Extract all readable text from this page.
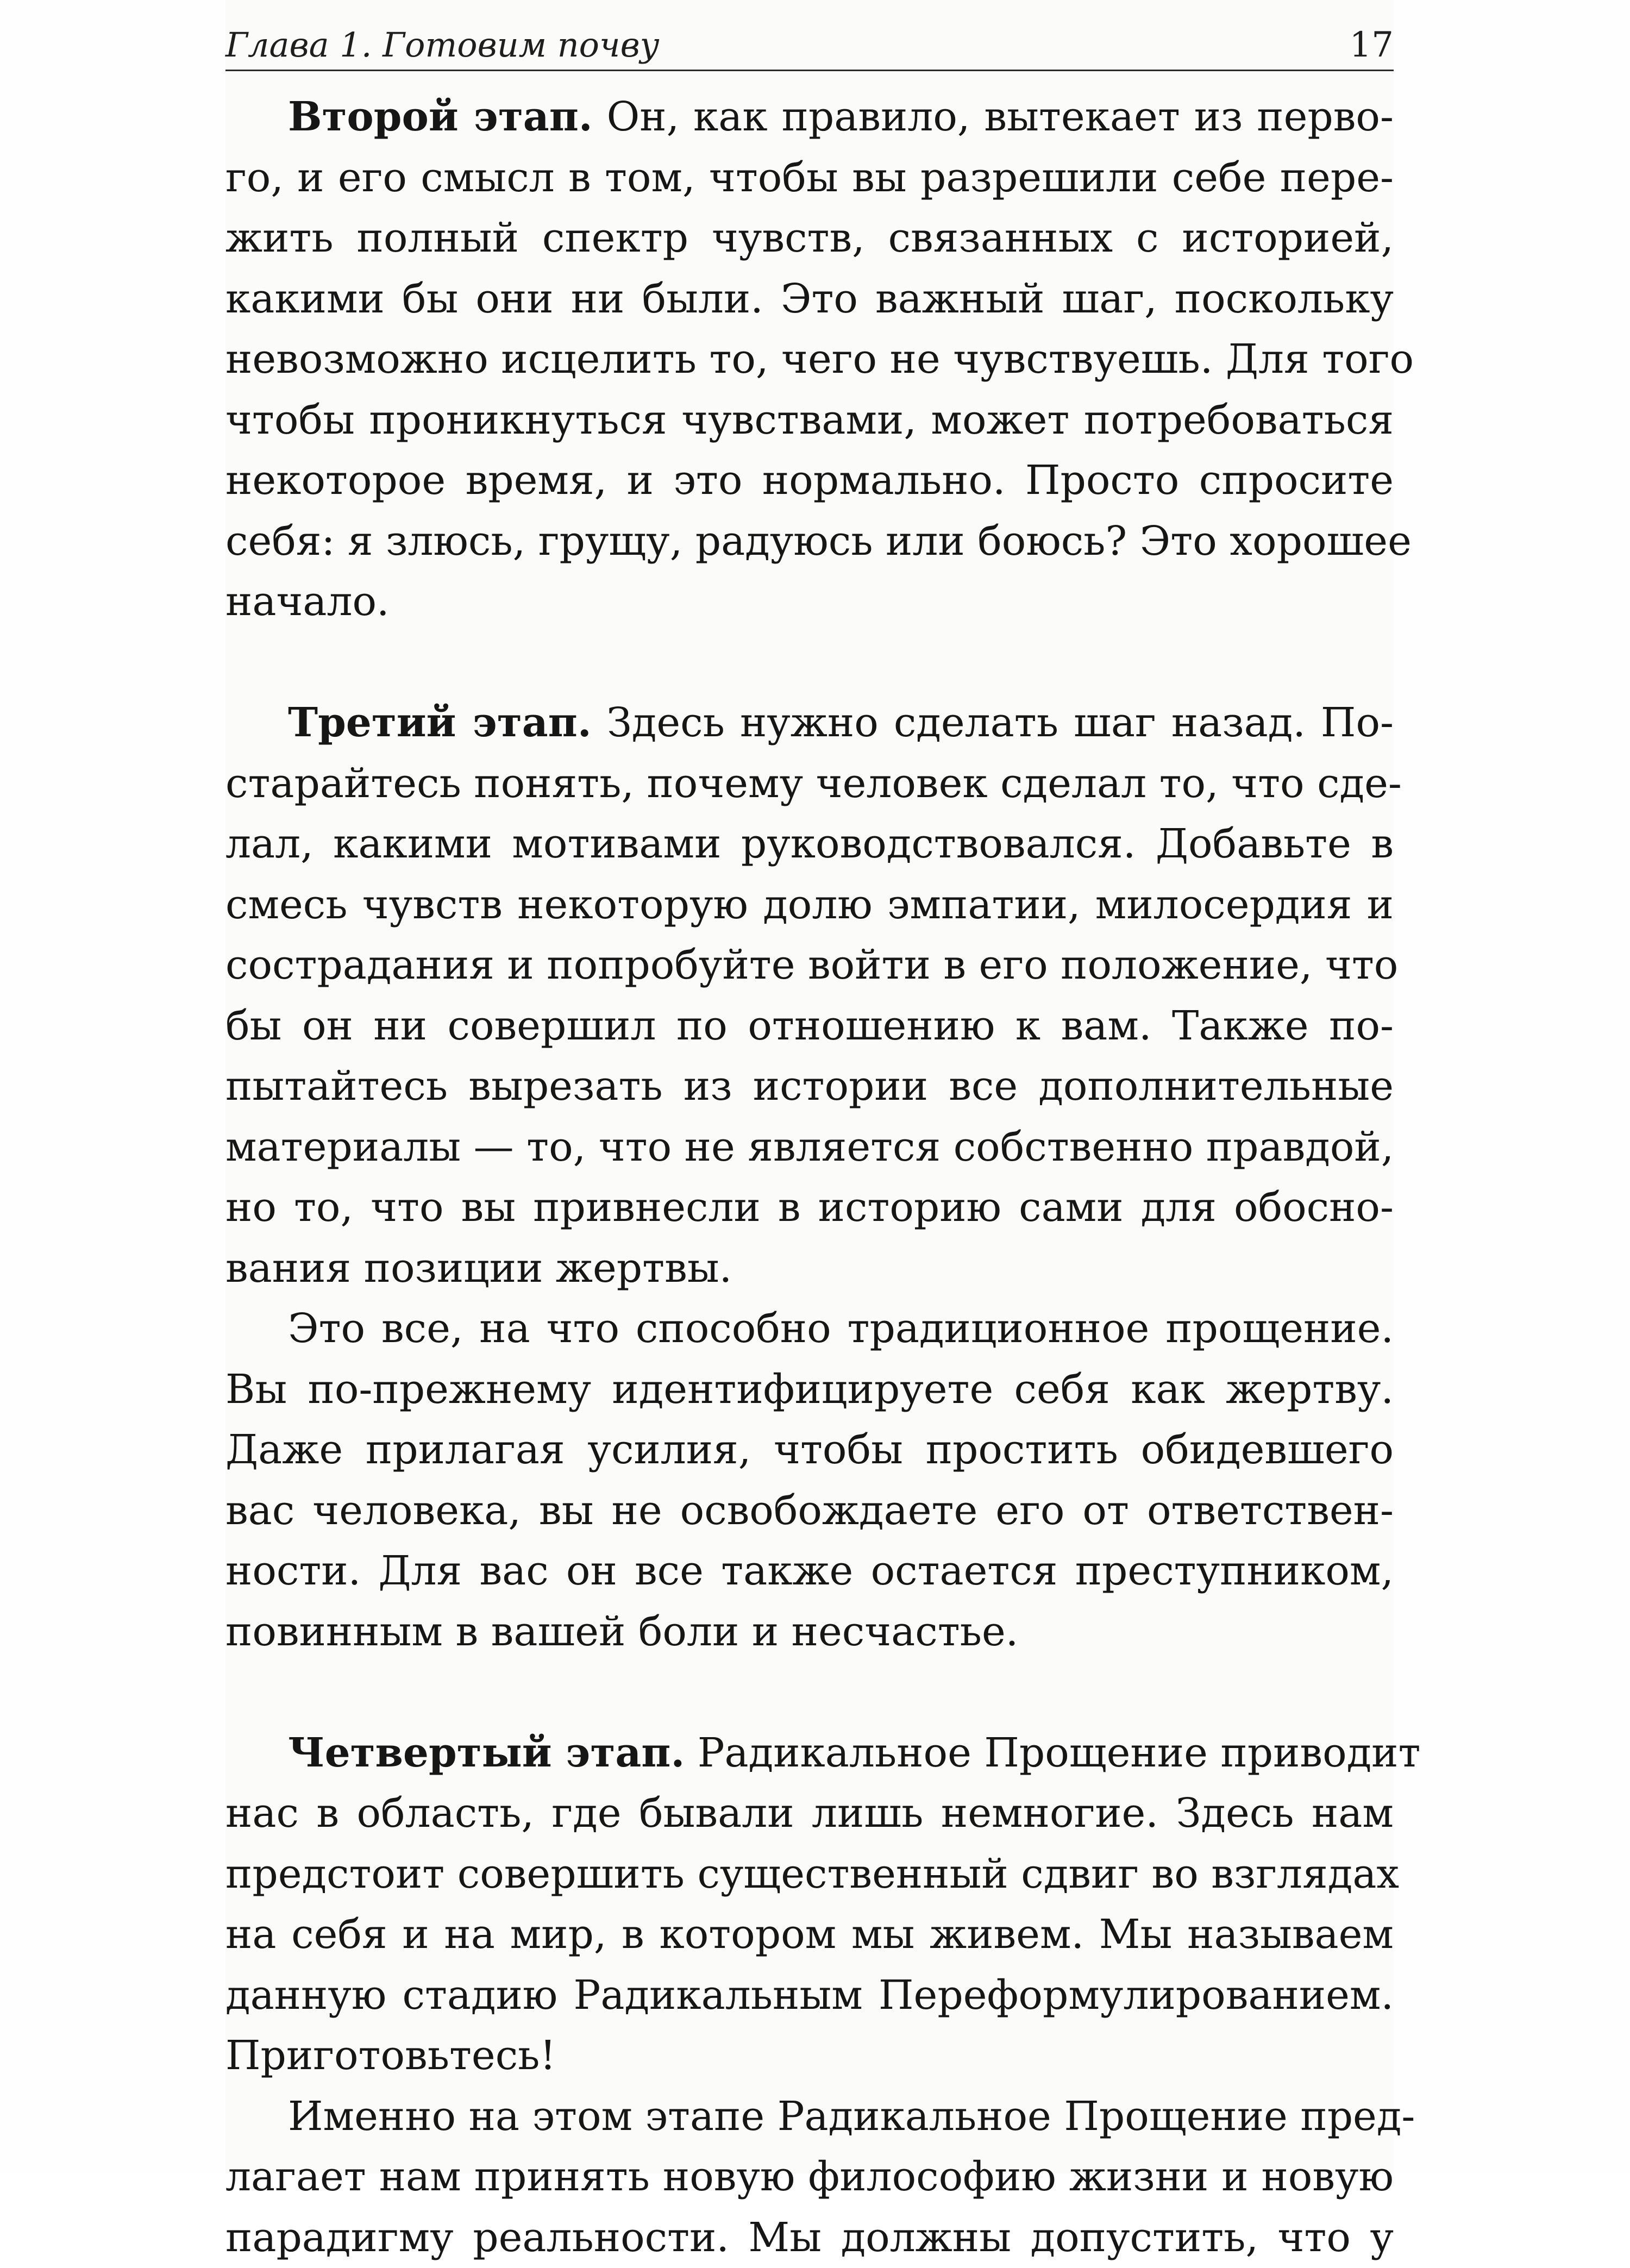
Глава 1. Готовим почву	17
Второй этап. Он, как правило, вытекает из перво-
го, и его смысл в том, чтобы вы разрешили себе пере-
жить полный спектр чувств, связанных с историей,
какими бы они ни были. Это важный шаг, поскольку
невозможно исцелить то, чего не чувствуешь. Для того
чтобы проникнуться чувствами, может потребоваться
некоторое время, и это нормально. Просто спросите
себя: я злюсь, грущу, радуюсь или боюсь? Это хорошее
начало.
Третий этап. Здесь нужно сделать шаг назад. По-
старайтесь понять, почему человек сделал то, что сде-
лал, какими мотивами руководствовался. Добавьте в
смесь чувств некоторую долю эмпатии, милосердия и
сострадания и попробуйте войти в его положение, что
бы он ни совершил по отношению к вам. Также по-
пытайтесь вырезать из истории все дополнительные
материалы — то, что не является собственно правдой,
но то, что вы привнесли в историю сами для обосно-
вания позиции жертвы.
Это все, на что способно традиционное прощение.
Вы по-прежнему идентифицируете себя как жертву.
Даже прилагая усилия, чтобы простить обидевшего
вас человека, вы не освобождаете его от ответствен-
ности. Для вас он все также остается преступником,
повинным в вашей боли и несчастье.
Четвертый этап. Радикальное Прощение приводит
нас в область, где бывали лишь немногие. Здесь нам
предстоит совершить существенный сдвиг во взглядах
на себя и на мир, в котором мы живем. Мы называем
данную стадию Радикальным Переформулированием.
Приготовьтесь!
Именно на этом этапе Радикальное Прощение пред-
лагает нам принять новую философию жизни и новую
парадигму реальности. Мы должны допустить, что у
